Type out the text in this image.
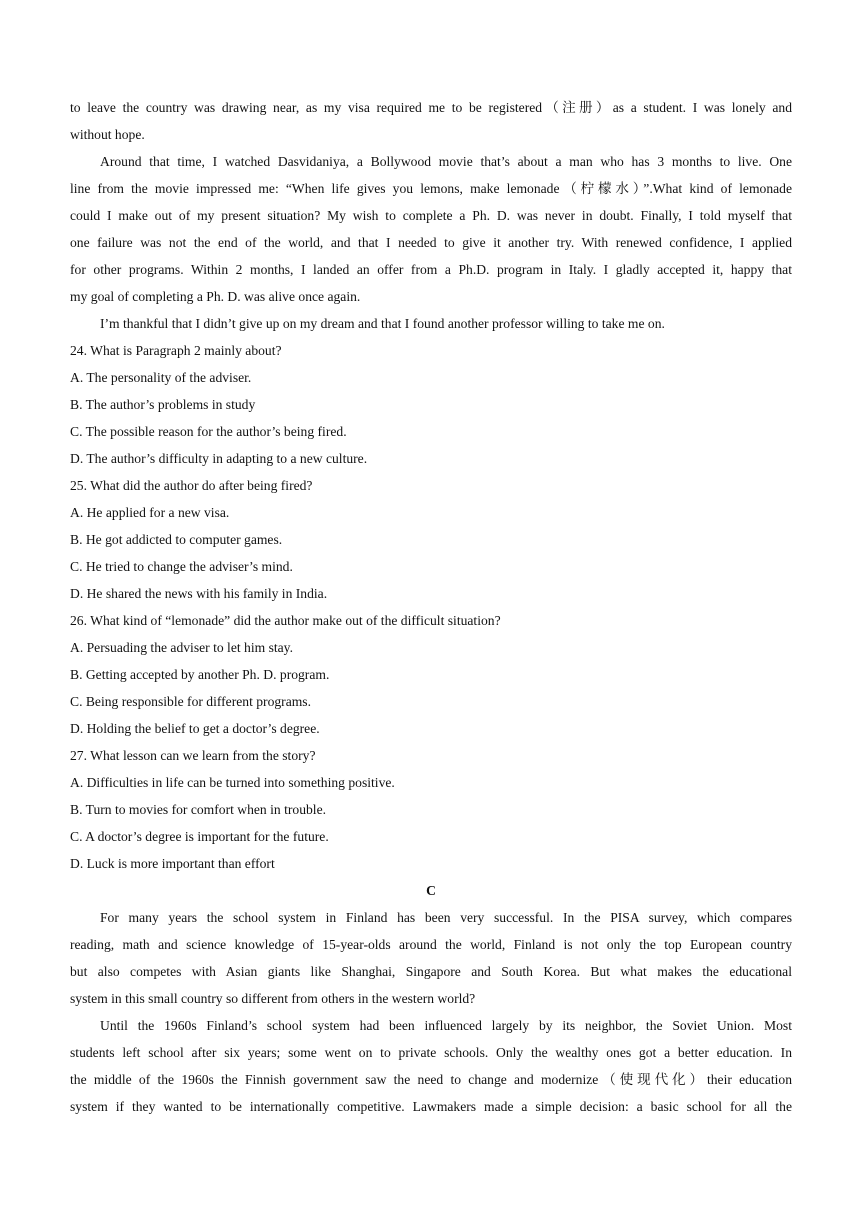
to leave the country was drawing near, as my visa required me to be registered（注册）as a student. I was lonely and
without hope.
Around that time, I watched Dasvidaniya, a Bollywood movie that’s about a man who has 3 months to live. One
line from the movie impressed me: “When life gives you lemons, make lemonade（柠檬水）”.What kind of lemonade
could I make out of my present situation? My wish to complete a Ph. D. was never in doubt. Finally, I told myself that
one failure was not the end of the world, and that I needed to give it another try. With renewed confidence, I applied
for other programs. Within 2 months, I landed an offer from a Ph.D. program in Italy. I gladly accepted it, happy that
my goal of completing a Ph. D. was alive once again.
I’m thankful that I didn’t give up on my dream and that I found another professor willing to take me on.
24. What is Paragraph 2 mainly about?
A. The personality of the adviser.
B. The author’s problems in study
C. The possible reason for the author’s being fired.
D. The author’s difficulty in adapting to a new culture.
25. What did the author do after being fired?
A. He applied for a new visa.
B. He got addicted to computer games.
C. He tried to change the adviser’s mind.
D. He shared the news with his family in India.
26. What kind of “lemonade” did the author make out of the difficult situation?
A. Persuading the adviser to let him stay.
B. Getting accepted by another Ph. D. program.
C. Being responsible for different programs.
D. Holding the belief to get a doctor’s degree.
27. What lesson can we learn from the story?
A. Difficulties in life can be turned into something positive.
B. Turn to movies for comfort when in trouble.
C. A doctor’s degree is important for the future.
D. Luck is more important than effort
C
For many years the school system in Finland has been very successful. In the PISA survey, which compares
reading, math and science knowledge of 15-year-olds around the world, Finland is not only the top European country
but also competes with Asian giants like Shanghai, Singapore and South Korea. But what makes the educational
system in this small country so different from others in the western world?
Until the 1960s Finland’s school system had been influenced largely by its neighbor, the Soviet Union. Most
students left school after six years; some went on to private schools. Only the wealthy ones got a better education. In
the middle of the 1960s the Finnish government saw the need to change and modernize（使现代化）their education
system if they wanted to be internationally competitive. Lawmakers made a simple decision: a basic school for all the
